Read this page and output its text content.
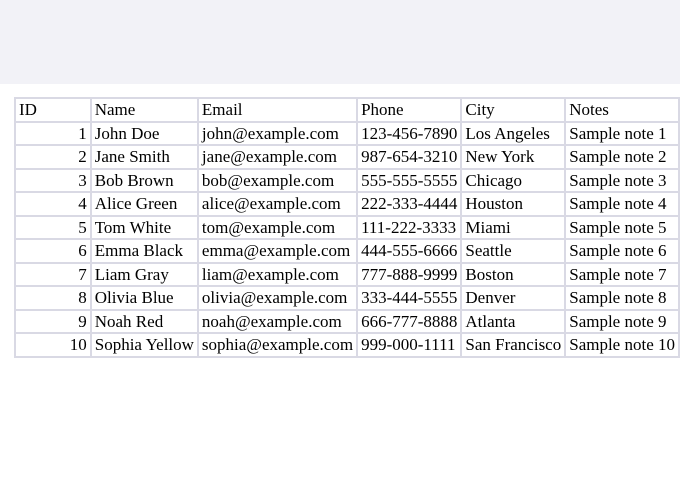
ID	Name	Email	Phone	City	Notes
1	John Doe	john@example.com	123-456-7890	Los Angeles	Sample note 1
2	Jane Smith	jane@example.com	987-654-3210	New York	Sample note 2
3	Bob Brown	bob@example.com	555-555-5555	Chicago	Sample note 3
4	Alice Green	alice@example.com	222-333-4444	Houston	Sample note 4
5	Tom White	tom@example.com	111-222-3333	Miami	Sample note 5
6	Emma Black	emma@example.com	444-555-6666	Seattle	Sample note 6
7	Liam Gray	liam@example.com	777-888-9999	Boston	Sample note 7
8	Olivia Blue	olivia@example.com	333-444-5555	Denver	Sample note 8
9	Noah Red	noah@example.com	666-777-8888	Atlanta	Sample note 9
10	Sophia Yellow	sophia@example.com	999-000-1111	San Francisco	Sample note 10
